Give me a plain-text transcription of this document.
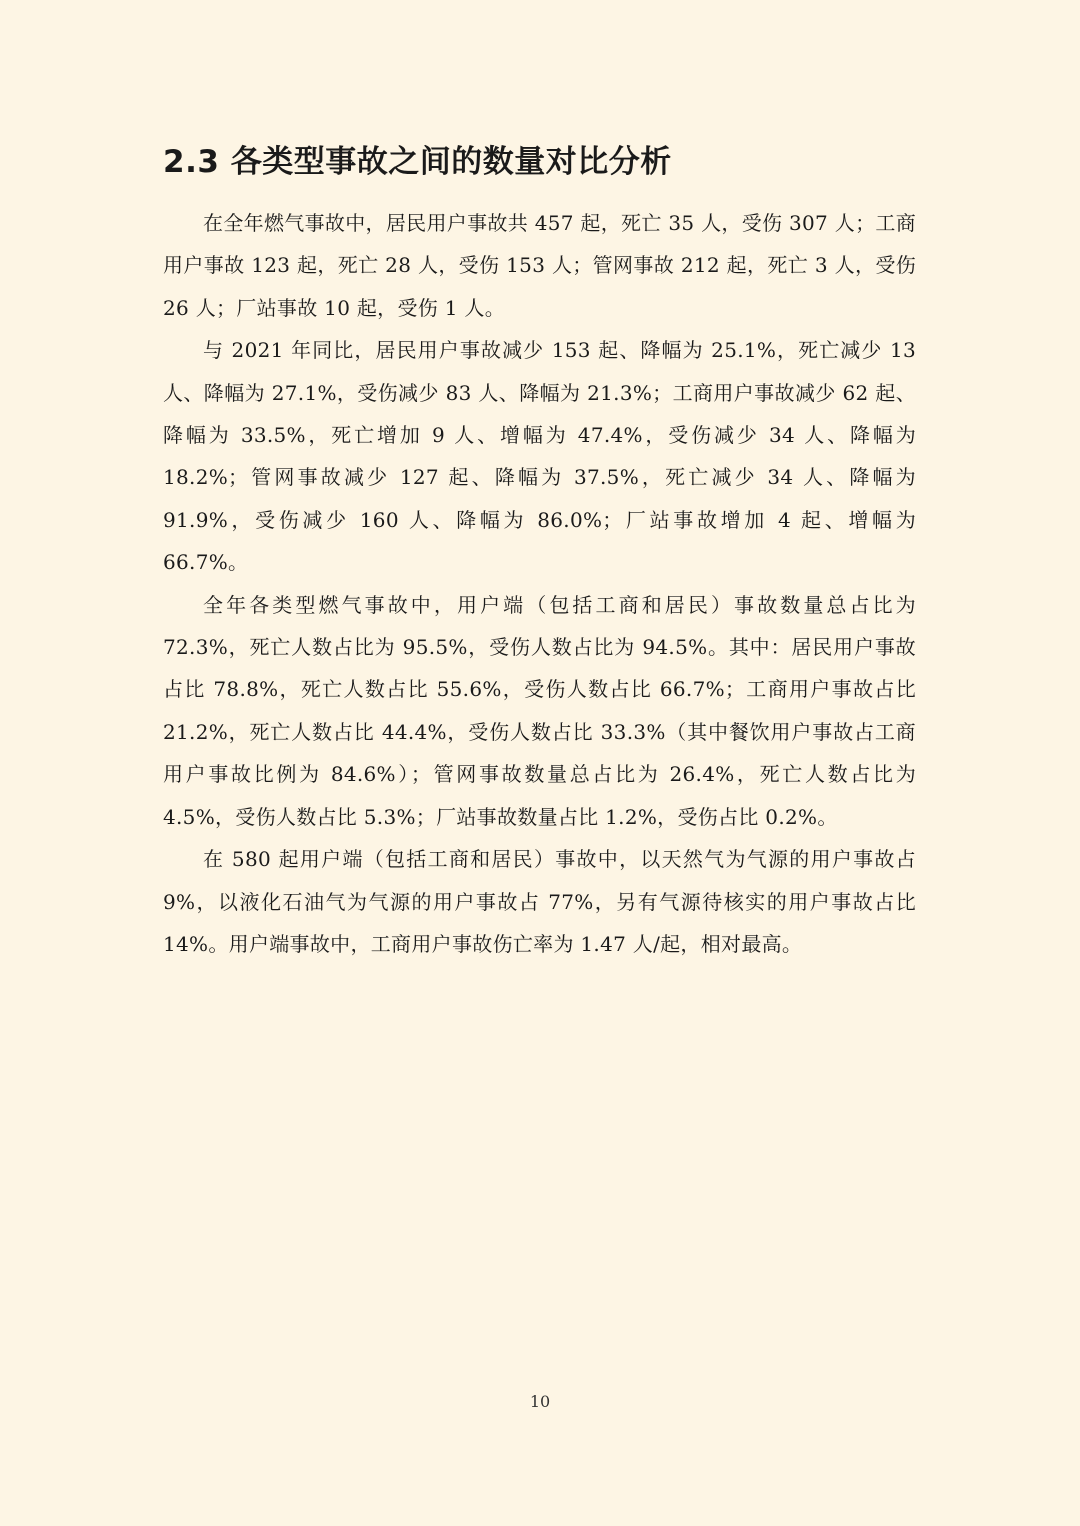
2.3 各类型事故之间的数量对比分析

在全年燃气事故中，居民用户事故共 457 起，死亡 35 人，受伤 307 人；工商用户事故 123 起，死亡 28 人，受伤 153 人；管网事故 212 起，死亡 3 人，受伤 26 人；厂站事故 10 起，受伤 1 人。

与 2021 年同比，居民用户事故减少 153 起、降幅为 25.1%，死亡减少 13 人、降幅为 27.1%，受伤减少 83 人、降幅为 21.3%；工商用户事故减少 62 起、降幅为 33.5%，死亡增加 9 人、增幅为 47.4%，受伤减少 34 人、降幅为 18.2%；管网事故减少 127 起、降幅为 37.5%，死亡减少 34 人、降幅为 91.9%，受伤减少 160 人、降幅为 86.0%；厂站事故增加 4 起、增幅为 66.7%。

全年各类型燃气事故中，用户端（包括工商和居民）事故数量总占比为 72.3%，死亡人数占比为 95.5%，受伤人数占比为 94.5%。其中：居民用户事故占比 78.8%，死亡人数占比 55.6%，受伤人数占比 66.7%；工商用户事故占比 21.2%，死亡人数占比 44.4%，受伤人数占比 33.3%（其中餐饮用户事故占工商用户事故比例为 84.6%）；管网事故数量总占比为 26.4%，死亡人数占比为 4.5%，受伤人数占比 5.3%；厂站事故数量占比 1.2%，受伤占比 0.2%。

在 580 起用户端（包括工商和居民）事故中，以天然气为气源的用户事故占 9%，以液化石油气为气源的用户事故占 77%，另有气源待核实的用户事故占比 14%。用户端事故中，工商用户事故伤亡率为 1.47 人/起，相对最高。

10
